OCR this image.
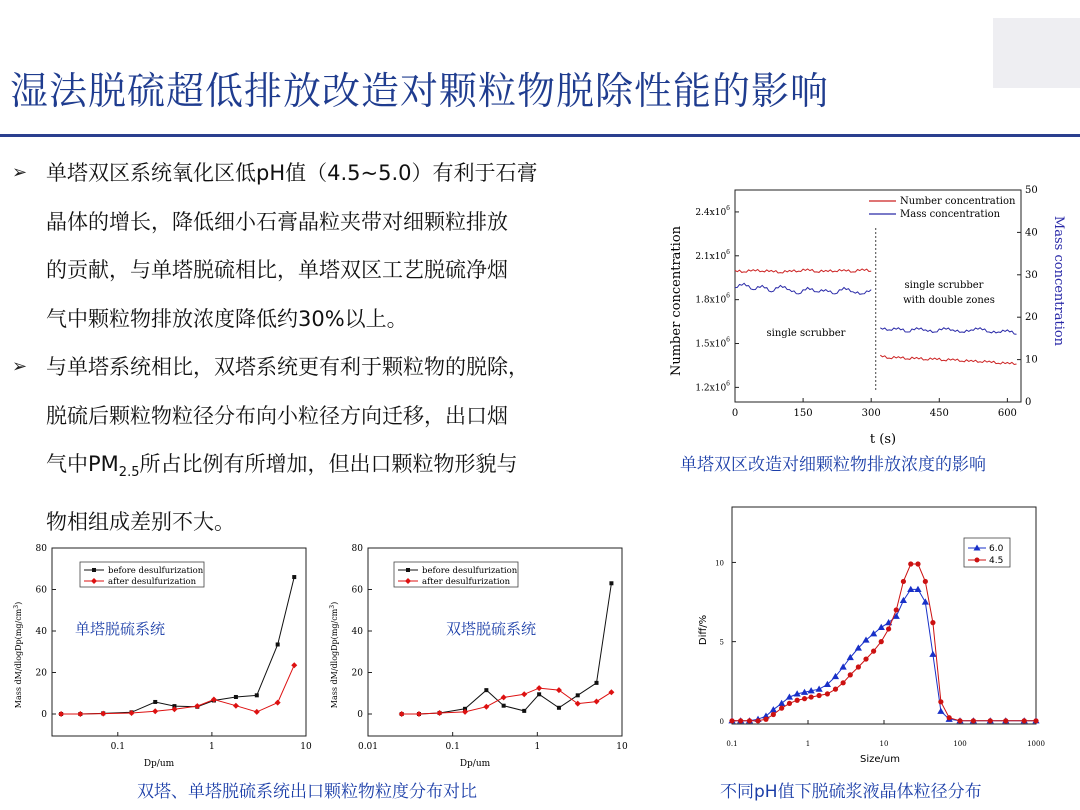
湿法脱硫超低排放改造对颗粒物脱除性能的影响
➢ 单塔双区系统氧化区低pH值（4.5~5.0）有利于石膏
晶体的增长，降低细小石膏晶粒夹带对细颗粒排放
的贡献，与单塔脱硫相比，单塔双区工艺脱硫净烟
气中颗粒物排放浓度降低约30%以上。
➢ 与单塔系统相比，双塔系统更有利于颗粒物的脱除，
脱硫后颗粒物粒径分布向小粒径方向迁移，出口烟
气中$PM_{2.5}$所占比例有所增加，但出口颗粒物形貌与
物相组成差别不大。
0	150	300	450	600
$1.2x10^6$
$1.5x10^6$
$1.8x10^6$
$2.1x10^6$
$2.4x10^6$
0
10
20
30
40
50
t (s)
Number concentration	Mass concentration
single scrubber
single scrubber
with double zones
Number concentration
Mass concentration
单塔双区改造对细颗粒物排放浓度的影响
0.1	1	10
0
20
40
60
80
Dp/um
Mass $dM/dlogDp(mg/cm^3)$
单塔脱硫系统
before desulfurization
after desulfurization
0.01	0.1	1	10
0
20
40
60
80
Dp/um
Mass $dM/dlogDp(mg/cm^3)$
双塔脱硫系统
before desulfurization
after desulfurization
双塔、单塔脱硫系统出口颗粒物粒度分布对比
0.1	1	10	100	1000
0
5
10
Size/um
Diff/%
6.0
4.5
不同pH值下脱硫浆液晶体粒径分布
